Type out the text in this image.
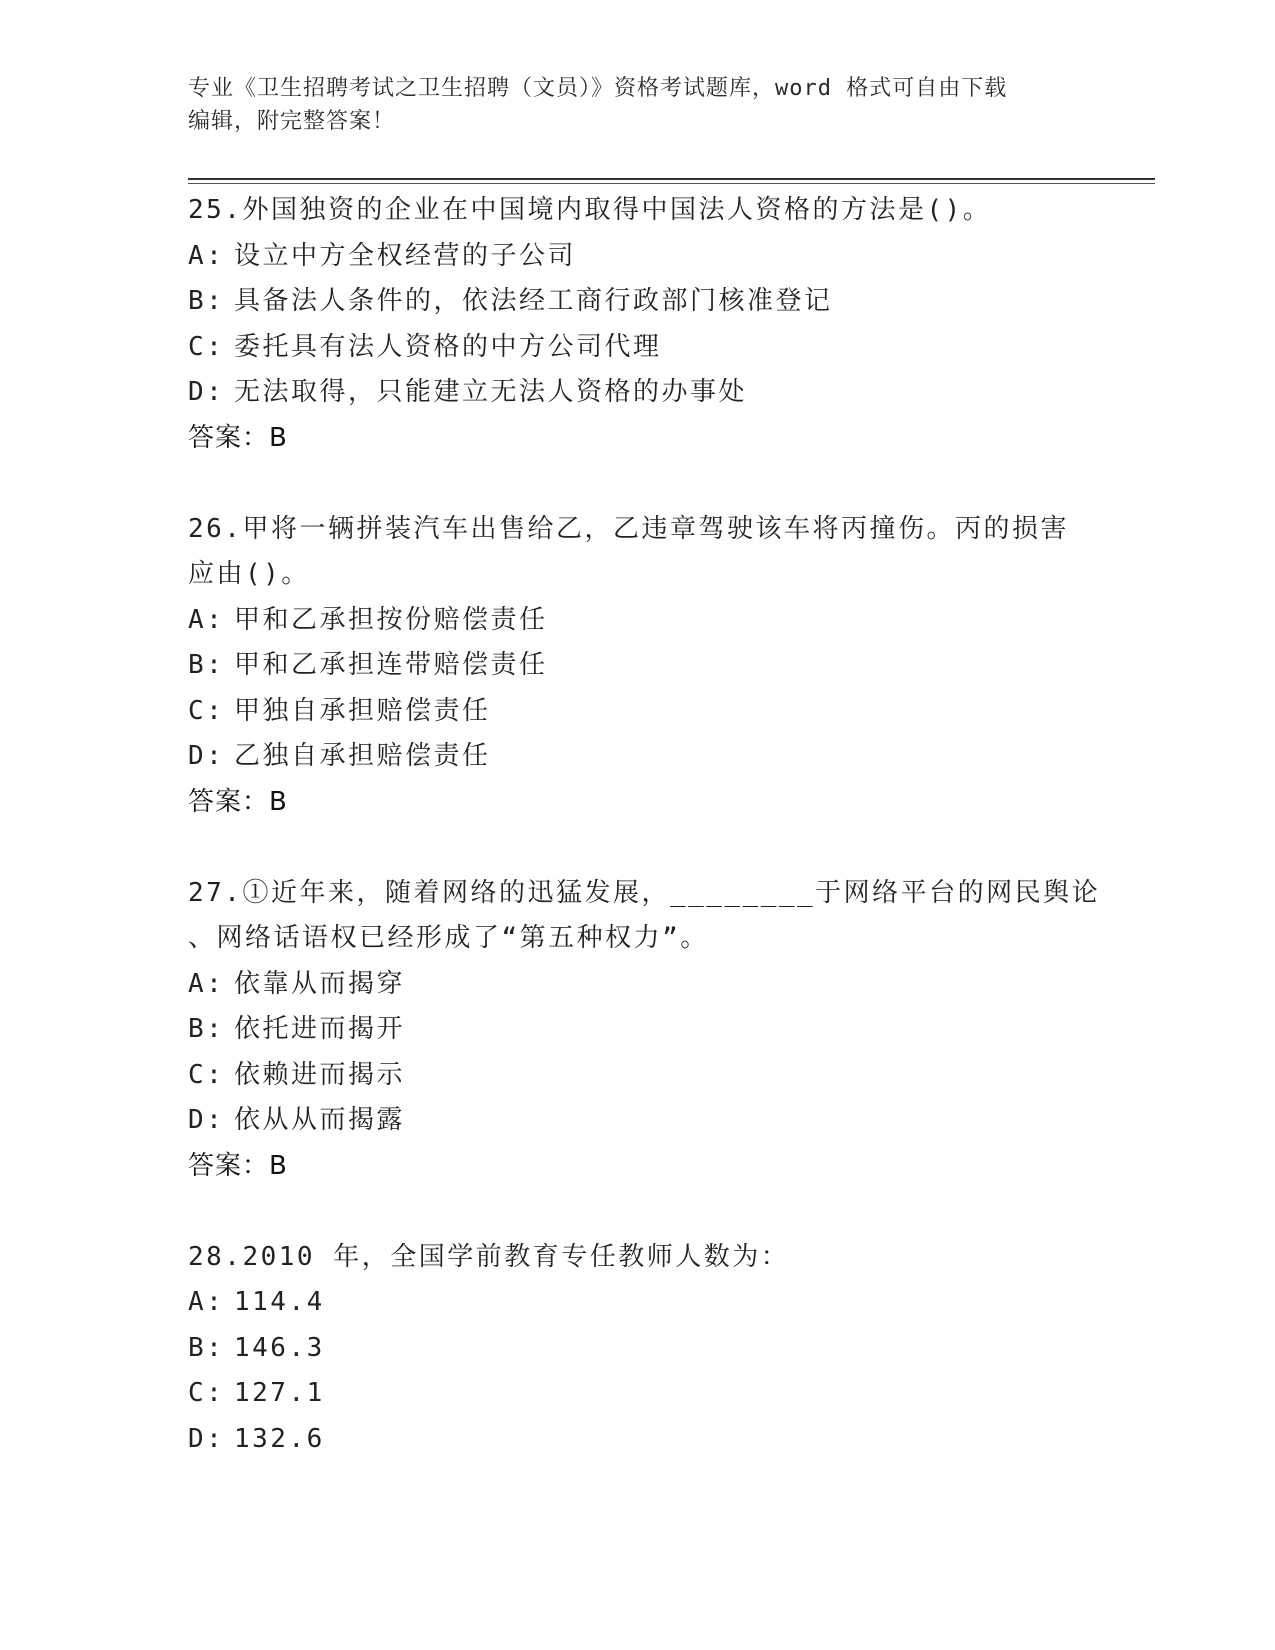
专业《卫生招聘考试之卫生招聘（文员）》资格考试题库，word 格式可自由下载
编辑，附完整答案！
25.外国独资的企业在中国境内取得中国法人资格的方法是()。
A: 设立中方全权经营的子公司
B: 具备法人条件的，依法经工商行政部门核准登记
C: 委托具有法人资格的中方公司代理
D: 无法取得，只能建立无法人资格的办事处
答案：B
26.甲将一辆拼装汽车出售给乙，乙违章驾驶该车将丙撞伤。丙的损害
应由()。
A: 甲和乙承担按份赔偿责任
B: 甲和乙承担连带赔偿责任
C: 甲独自承担赔偿责任
D: 乙独自承担赔偿责任
答案：B
27.①近年来，随着网络的迅猛发展，________于网络平台的网民舆论
、网络话语权已经形成了“第五种权力”。
A: 依靠从而揭穿
B: 依托进而揭开
C: 依赖进而揭示
D: 依从从而揭露
答案：B
28.2010 年，全国学前教育专任教师人数为：
A: 114.4
B: 146.3
C: 127.1
D: 132.6
